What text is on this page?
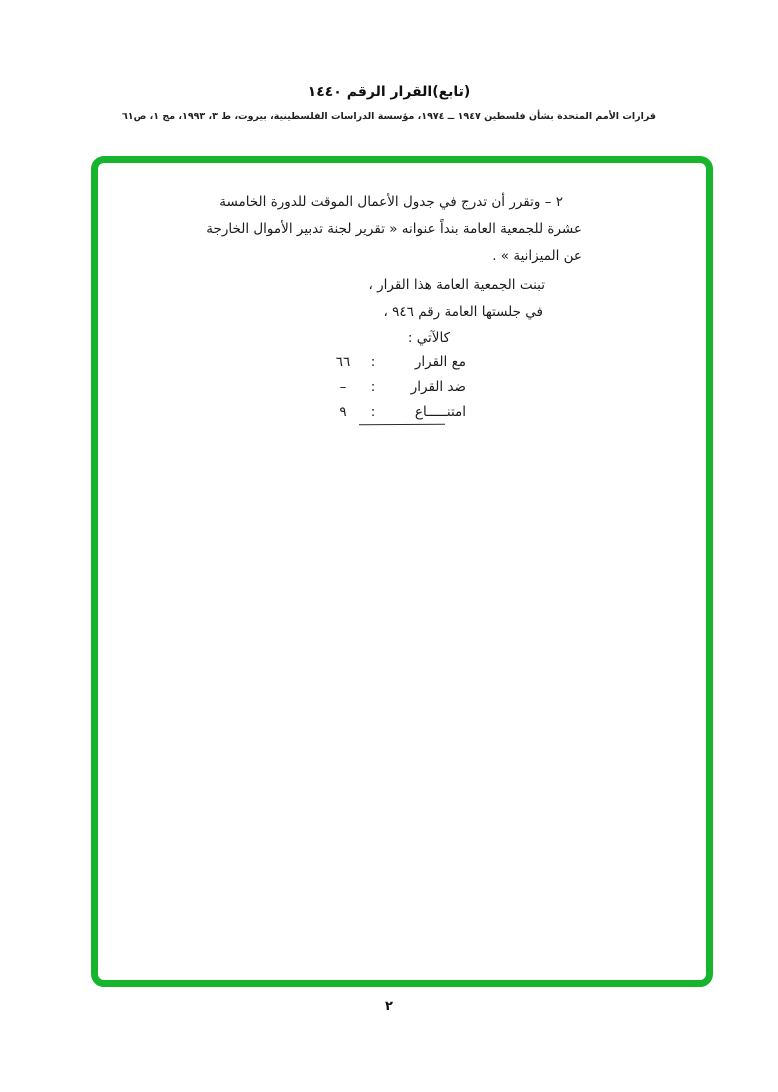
(تابع)القرار الرقم ١٤٤٠
قرارات الأمم المتحدة بشأن فلسطين ١٩٤٧ ــ ١٩٧٤، مؤسسة الدراسات الفلسطينية، بيروت، ط ٣، ١٩٩٣، مج ١، ص٦١
٢ – وتقرر أن تدرج في جدول الأعمال الموقت للدورة الخامسة
عشرة للجمعية العامة بنداً عنوانه « تقرير لجنة تدبير الأموال الخارجة
عن الميزانية » .
تبنت الجمعية العامة هذا القرار ،
في جلستها العامة رقم ٩٤٦ ،
كالآتي :
مع القرار
:
٦٦
ضد القرار
:
–
امتنـــــاع
:
٩
٢
